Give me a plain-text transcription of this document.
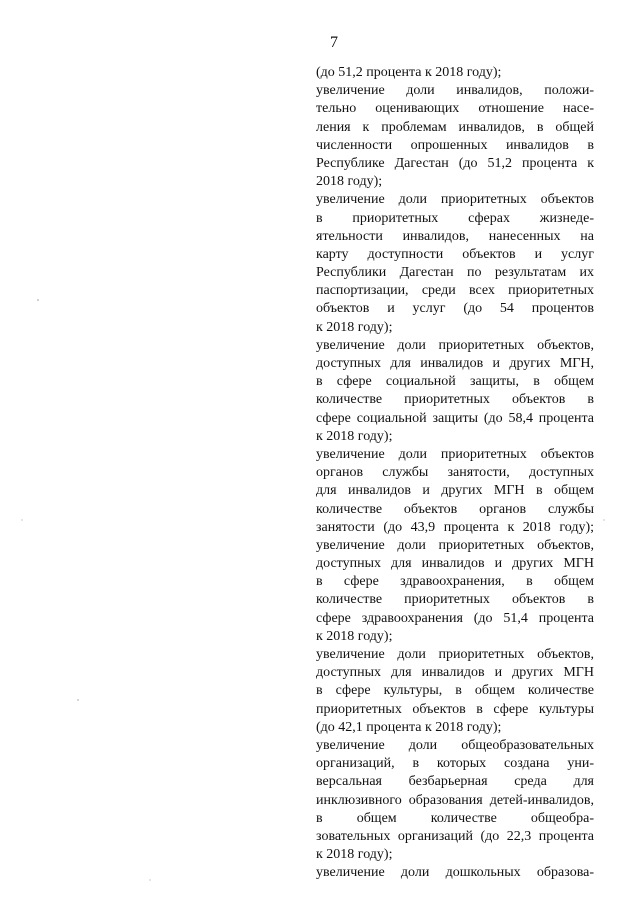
7
(до 51,2 процента к 2018 году);
увеличение доли инвалидов, положи-
тельно оценивающих отношение насе-
ления к проблемам инвалидов, в общей
численности опрошенных инвалидов в
Республике Дагестан (до 51,2 процента к
2018 году);
увеличение доли приоритетных объектов
в приоритетных сферах жизнеде-
ятельности инвалидов, нанесенных на
карту доступности объектов и услуг
Республики Дагестан по результатам их
паспортизации, среди всех приоритетных
объектов и услуг (до 54 процентов
к 2018 году);
увеличение доли приоритетных объектов,
доступных для инвалидов и других МГН,
в сфере социальной защиты, в общем
количестве приоритетных объектов в
сфере социальной защиты (до 58,4 процента
к 2018 году);
увеличение доли приоритетных объектов
органов службы занятости, доступных
для инвалидов и других МГН в общем
количестве объектов органов службы
занятости (до 43,9 процента к 2018 году);
увеличение доли приоритетных объектов,
доступных для инвалидов и других МГН
в сфере здравоохранения, в общем
количестве приоритетных объектов в
сфере здравоохранения (до 51,4 процента
к 2018 году);
увеличение доли приоритетных объектов,
доступных для инвалидов и других МГН
в сфере культуры, в общем количестве
приоритетных объектов в сфере культуры
(до 42,1 процента к 2018 году);
увеличение доли общеобразовательных
организаций, в которых создана уни-
версальная безбарьерная среда для
инклюзивного образования детей-инвалидов,
в общем количестве общеобра-
зовательных организаций (до 22,3 процента
к 2018 году);
увеличение доли дошкольных образова-
